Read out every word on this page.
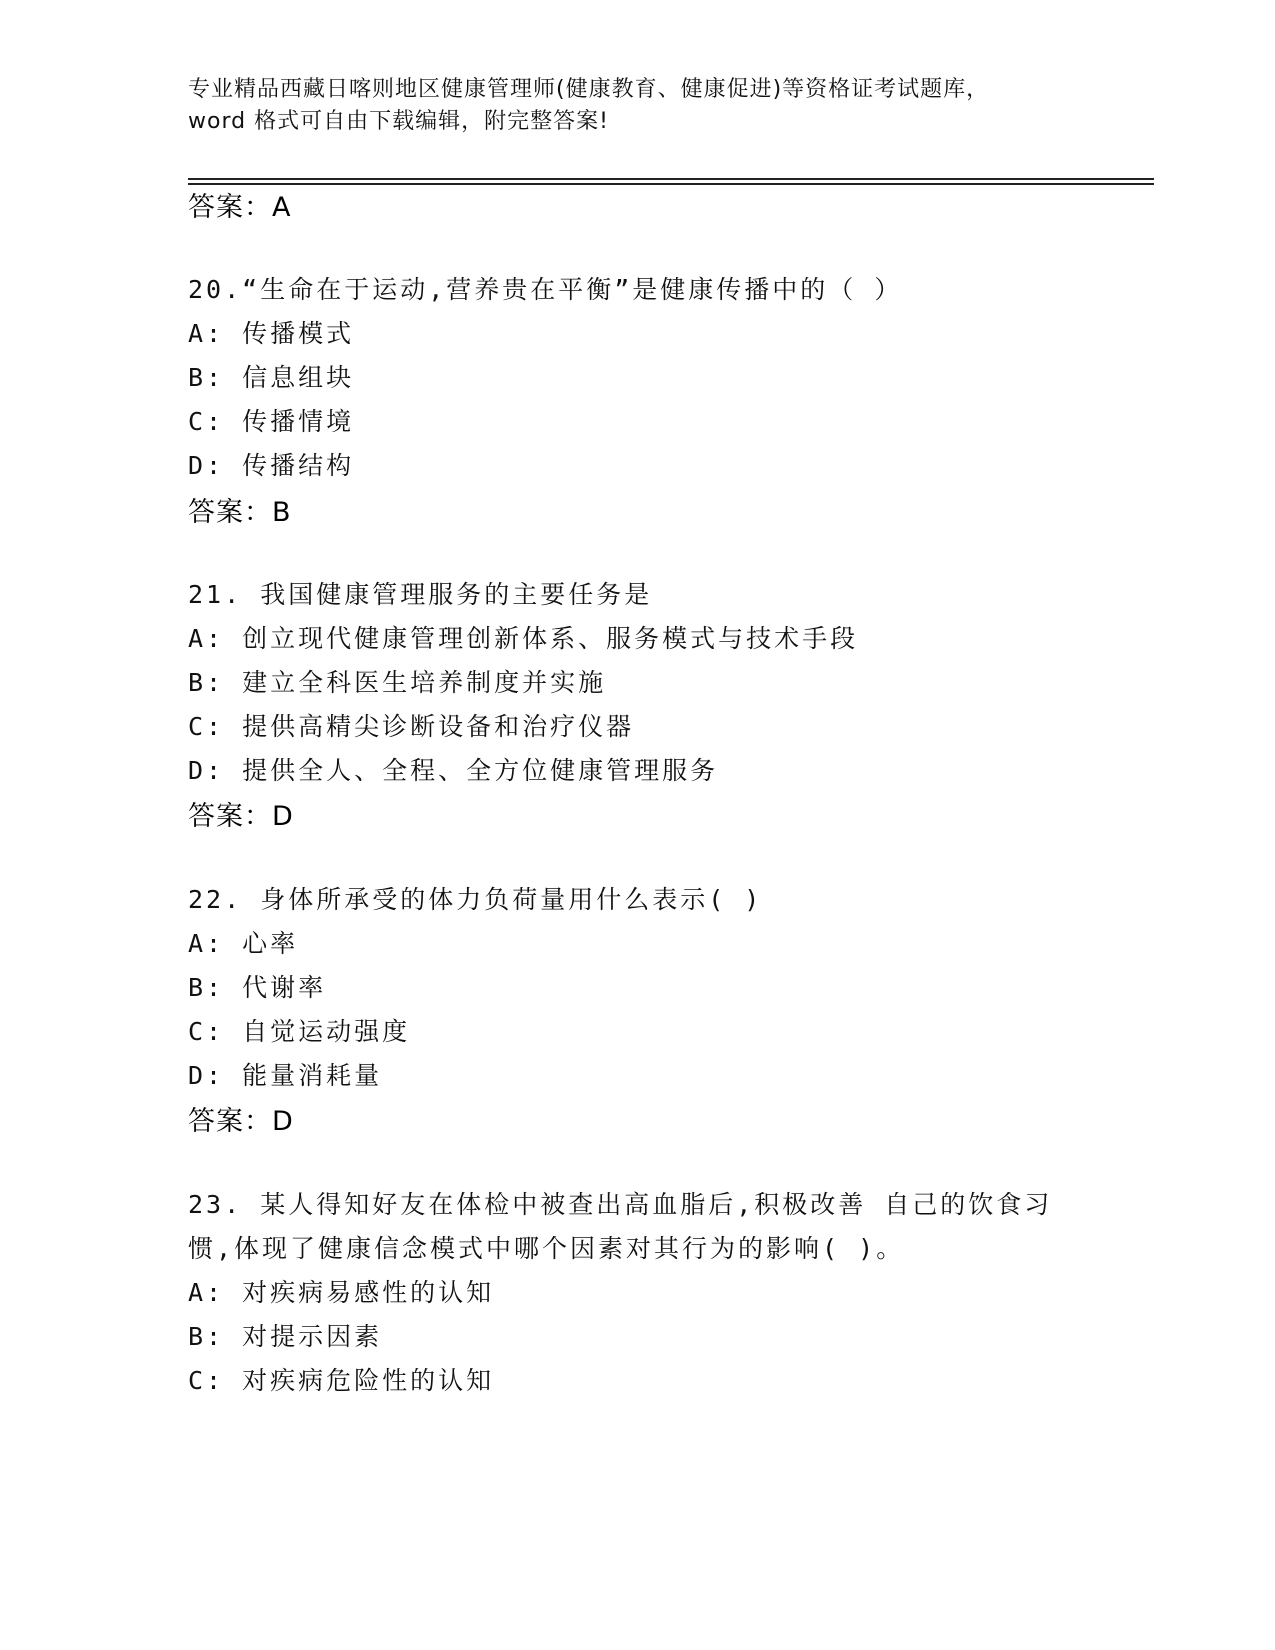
专业精品西藏日喀则地区健康管理师(健康教育、健康促进)等资格证考试题库，
word 格式可自由下载编辑，附完整答案!
答案：A
20.“生命在于运动,营养贵在平衡”是健康传播中的（ ）
A: 传播模式
B: 信息组块
C: 传播情境
D: 传播结构
答案：B
21. 我国健康管理服务的主要任务是
A: 创立现代健康管理创新体系、服务模式与技术手段
B: 建立全科医生培养制度并实施
C: 提供高精尖诊断设备和治疗仪器
D: 提供全人、全程、全方位健康管理服务
答案：D
22. 身体所承受的体力负荷量用什么表示( )
A: 心率
B: 代谢率
C: 自觉运动强度
D: 能量消耗量
答案：D
23. 某人得知好友在体检中被查出高血脂后,积极改善 自己的饮食习
惯,体现了健康信念模式中哪个因素对其行为的影响( )。
A: 对疾病易感性的认知
B: 对提示因素
C: 对疾病危险性的认知
